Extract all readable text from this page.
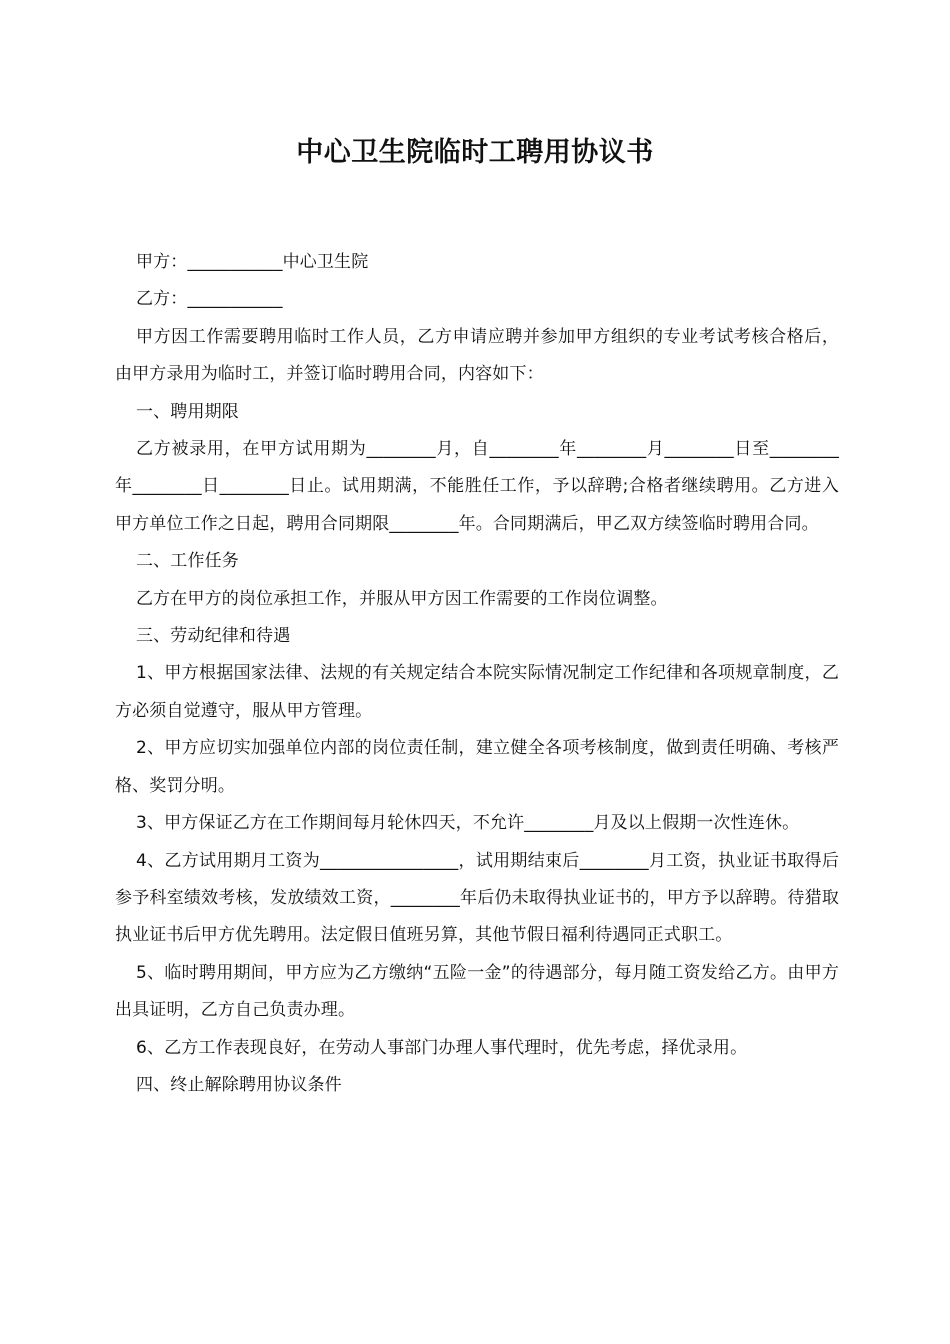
中心卫生院临时工聘用协议书

甲方：___________中心卫生院

乙方：___________

甲方因工作需要聘用临时工作人员，乙方申请应聘并参加甲方组织的专业考试考核合格后，由甲方录用为临时工，并签订临时聘用合同，内容如下：

一、聘用期限

乙方被录用，在甲方试用期为________月，自________年________月________日至________年________日________日止。试用期满，不能胜任工作，予以辞聘;合格者继续聘用。乙方进入甲方单位工作之日起，聘用合同期限________年。合同期满后，甲乙双方续签临时聘用合同。

二、工作任务

乙方在甲方的岗位承担工作，并服从甲方因工作需要的工作岗位调整。

三、劳动纪律和待遇

1、甲方根据国家法律、法规的有关规定结合本院实际情况制定工作纪律和各项规章制度，乙方必须自觉遵守，服从甲方管理。

2、甲方应切实加强单位内部的岗位责任制，建立健全各项考核制度，做到责任明确、考核严格、奖罚分明。

3、甲方保证乙方在工作期间每月轮休四天，不允许________月及以上假期一次性连休。

4、乙方试用期月工资为________________，试用期结束后________月工资，执业证书取得后参予科室绩效考核，发放绩效工资，________年后仍未取得执业证书的，甲方予以辞聘。待猎取执业证书后甲方优先聘用。法定假日值班另算，其他节假日福利待遇同正式职工。

5、临时聘用期间，甲方应为乙方缴纳“五险一金”的待遇部分，每月随工资发给乙方。由甲方出具证明，乙方自己负责办理。

6、乙方工作表现良好，在劳动人事部门办理人事代理时，优先考虑，择优录用。

四、终止解除聘用协议条件
